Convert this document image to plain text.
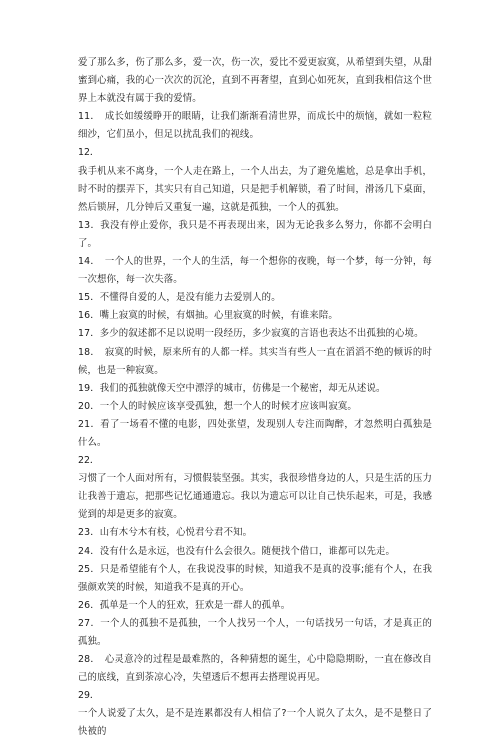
爱了那么多，伤了那么多，爱一次，伤一次，爱比不爱更寂寞，从希望到失望，从甜蜜到心痛，我的心一次次的沉沦，直到不再奢望，直到心如死灰，直到我相信这个世界上本就没有属于我的爱情。

11．　成长如缓缓睁开的眼睛，让我们渐渐看清世界，而成长中的烦恼，就如一粒粒细沙，它们虽小，但足以扰乱我们的视线。

12．

我手机从来不离身，一个人走在路上，一个人出去，为了避免尴尬，总是拿出手机，时不时的摆弄下，其实只有自己知道，只是把手机解锁，看了时间，滑汤几下桌面，然后锁屏，几分钟后又重复一遍，这就是孤独，一个人的孤独。

13．我没有停止爱你，我只是不再表现出来，因为无论我多么努力，你都不会明白了。

14．　一个人的世界，一个人的生活，每一个想你的夜晚，每一个梦，每一分钟，每一次想你，每一次失落。

15．不懂得自爱的人，是没有能力去爱别人的。

16．嘴上寂寞的时候，有烟抽。心里寂寞的时候，有谁来陪。

17．多少的叙述都不足以说明一段经历，多少寂寞的言语也表达不出孤独的心境。

18．　寂寞的时候，原来所有的人都一样。其实当有些人一直在滔滔不绝的倾诉的时候，也是一种寂寞。

19．我们的孤独就像天空中漂浮的城市，仿佛是一个秘密，却无从述说。

20．一个人的时候应该享受孤独，想一个人的时候才应该叫寂寞。

21．看了一场看不懂的电影，四处张望，发现别人专注而陶醉，才忽然明白孤独是什么。

22．

习惯了一个人面对所有，习惯假装坚强。其实，我很珍惜身边的人，只是生活的压力让我善于遗忘，把那些记忆通通遗忘。我以为遗忘可以让自己快乐起来，可是，我感觉到的却是更多的寂寞。

23．山有木兮木有枝，心悦君兮君不知。

24．没有什么是永远，也没有什么会很久。随便找个借口，谁都可以先走。

25．只是希望能有个人，在我说没事的时候，知道我不是真的没事;能有个人，在我强颜欢笑的时候，知道我不是真的开心。

26．孤单是一个人的狂欢，狂欢是一群人的孤单。

27．一个人的孤独不是孤独，一个人找另一个人，一句话找另一句话，才是真正的孤独。

28．　心灵意冷的过程是最难熬的，各种猜想的诞生，心中隐隐期盼，一直在修改自己的底线，直到荼凉心冷，失望透后不想再去搭理说再见。

29．

一个人说爱了太久，是不是连累都没有人相信了?一个人说久了太久，是不是整日了快被的
